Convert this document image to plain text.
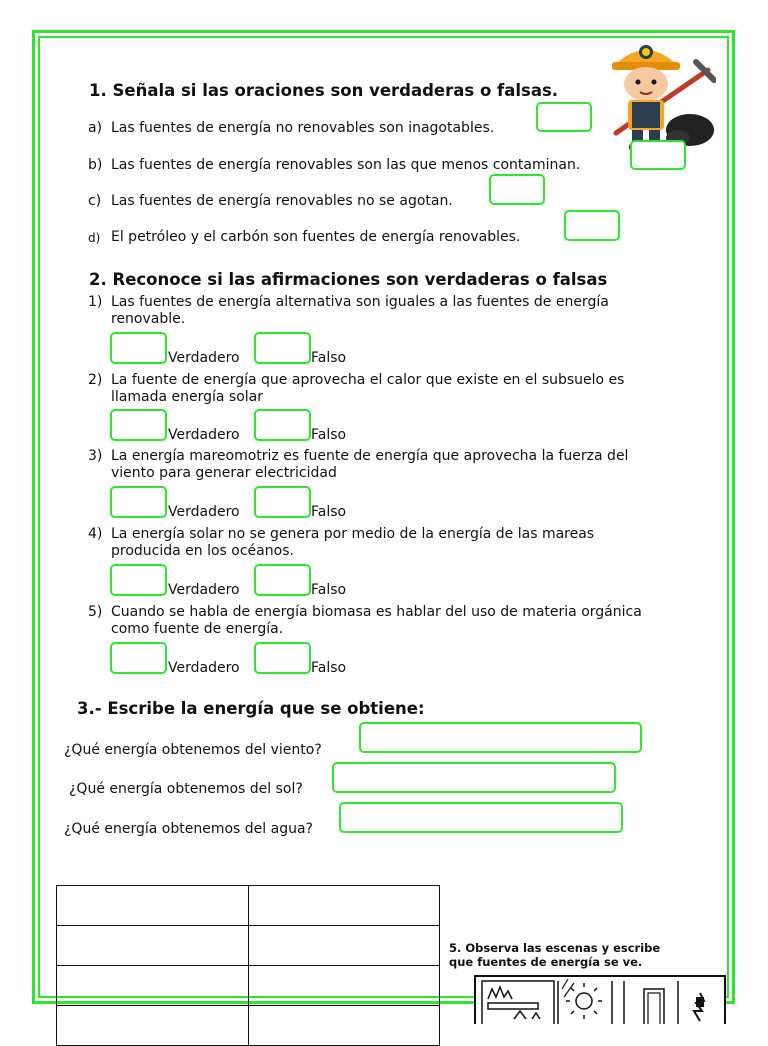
1. Señala si las oraciones son verdaderas o falsas.
a) Las fuentes de energía no renovables son inagotables.
b) Las fuentes de energía renovables son las que menos contaminan.
c) Las fuentes de energía renovables no se agotan.
d) El petróleo y el carbón son fuentes de energía renovables.
2. Reconoce si las afirmaciones son verdaderas o falsas
1) Las fuentes de energía alternativa son iguales a las fuentes de energía
renovable.
Verdadero	Falso
2) La fuente de energía que aprovecha el calor que existe en el subsuelo es
llamada energía solar
Verdadero	Falso
3) La energía mareomotriz es fuente de energía que aprovecha la fuerza del
viento para generar electricidad
Verdadero	Falso
4) La energía solar no se genera por medio de la energía de las mareas
producida en los océanos.
Verdadero	Falso
5) Cuando se habla de energía biomasa es hablar del uso de materia orgánica
como fuente de energía.
Verdadero	Falso
3.- Escribe la energía que se obtiene:
¿Qué energía obtenemos del viento?
¿Qué energía obtenemos del sol?
¿Qué energía obtenemos del agua?

5. Observa las escenas y escribe
que fuentes de energía se ve.
